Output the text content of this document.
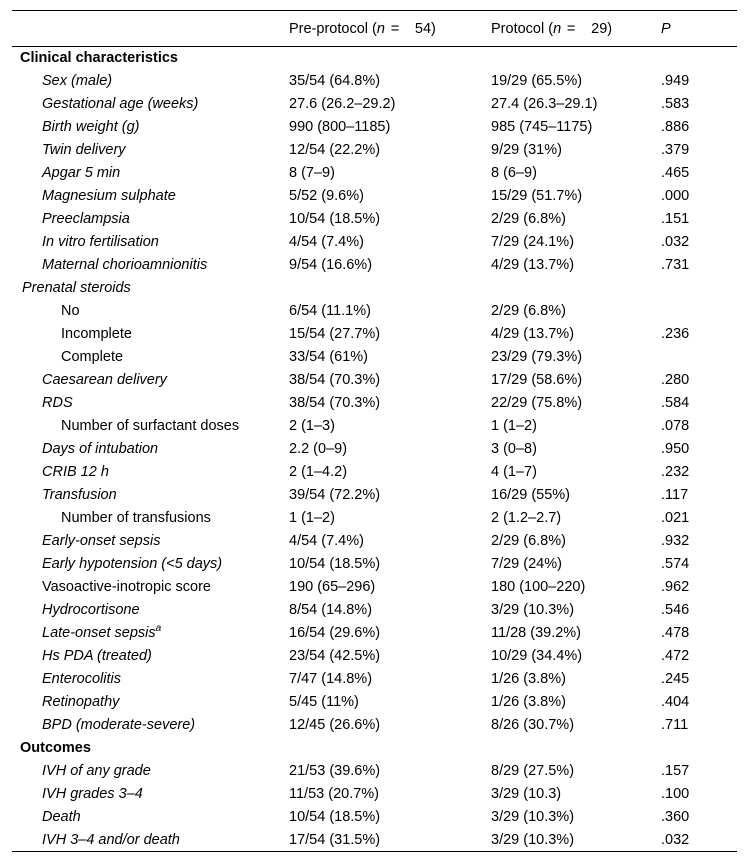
	Pre-protocol (n = 54)	Protocol (n = 29)	P
Clinical characteristics			
Sex (male)	35/54 (64.8%)	19/29 (65.5%)	.949
Gestational age (weeks)	27.6 (26.2–29.2)	27.4 (26.3–29.1)	.583
Birth weight (g)	990 (800–1185)	985 (745–1175)	.886
Twin delivery	12/54 (22.2%)	9/29 (31%)	.379
Apgar 5 min	8 (7–9)	8 (6–9)	.465
Magnesium sulphate	5/52 (9.6%)	15/29 (51.7%)	.000
Preeclampsia	10/54 (18.5%)	2/29 (6.8%)	.151
In vitro fertilisation	4/54 (7.4%)	7/29 (24.1%)	.032
Maternal chorioamnionitis	9/54 (16.6%)	4/29 (13.7%)	.731
Prenatal steroids			
No	6/54 (11.1%)	2/29 (6.8%)	
Incomplete	15/54 (27.7%)	4/29 (13.7%)	.236
Complete	33/54 (61%)	23/29 (79.3%)	
Caesarean delivery	38/54 (70.3%)	17/29 (58.6%)	.280
RDS	38/54 (70.3%)	22/29 (75.8%)	.584
Number of surfactant doses	2 (1–3)	1 (1–2)	.078
Days of intubation	2.2 (0–9)	3 (0–8)	.950
CRIB 12 h	2 (1–4.2)	4 (1–7)	.232
Transfusion	39/54 (72.2%)	16/29 (55%)	.117
Number of transfusions	1 (1–2)	2 (1.2–2.7)	.021
Early-onset sepsis	4/54 (7.4%)	2/29 (6.8%)	.932
Early hypotension (<5 days)	10/54 (18.5%)	7/29 (24%)	.574
Vasoactive-inotropic score	190 (65–296)	180 (100–220)	.962
Hydrocortisone	8/54 (14.8%)	3/29 (10.3%)	.546
Late-onset sepsis$^a$	16/54 (29.6%)	11/28 (39.2%)	.478
Hs PDA (treated)	23/54 (42.5%)	10/29 (34.4%)	.472
Enterocolitis	7/47 (14.8%)	1/26 (3.8%)	.245
Retinopathy	5/45 (11%)	1/26 (3.8%)	.404
BPD (moderate-severe)	12/45 (26.6%)	8/26 (30.7%)	.711
Outcomes			
IVH of any grade	21/53 (39.6%)	8/29 (27.5%)	.157
IVH grades 3–4	11/53 (20.7%)	3/29 (10.3)	.100
Death	10/54 (18.5%)	3/29 (10.3%)	.360
IVH 3–4 and/or death	17/54 (31.5%)	3/29 (10.3%)	.032
